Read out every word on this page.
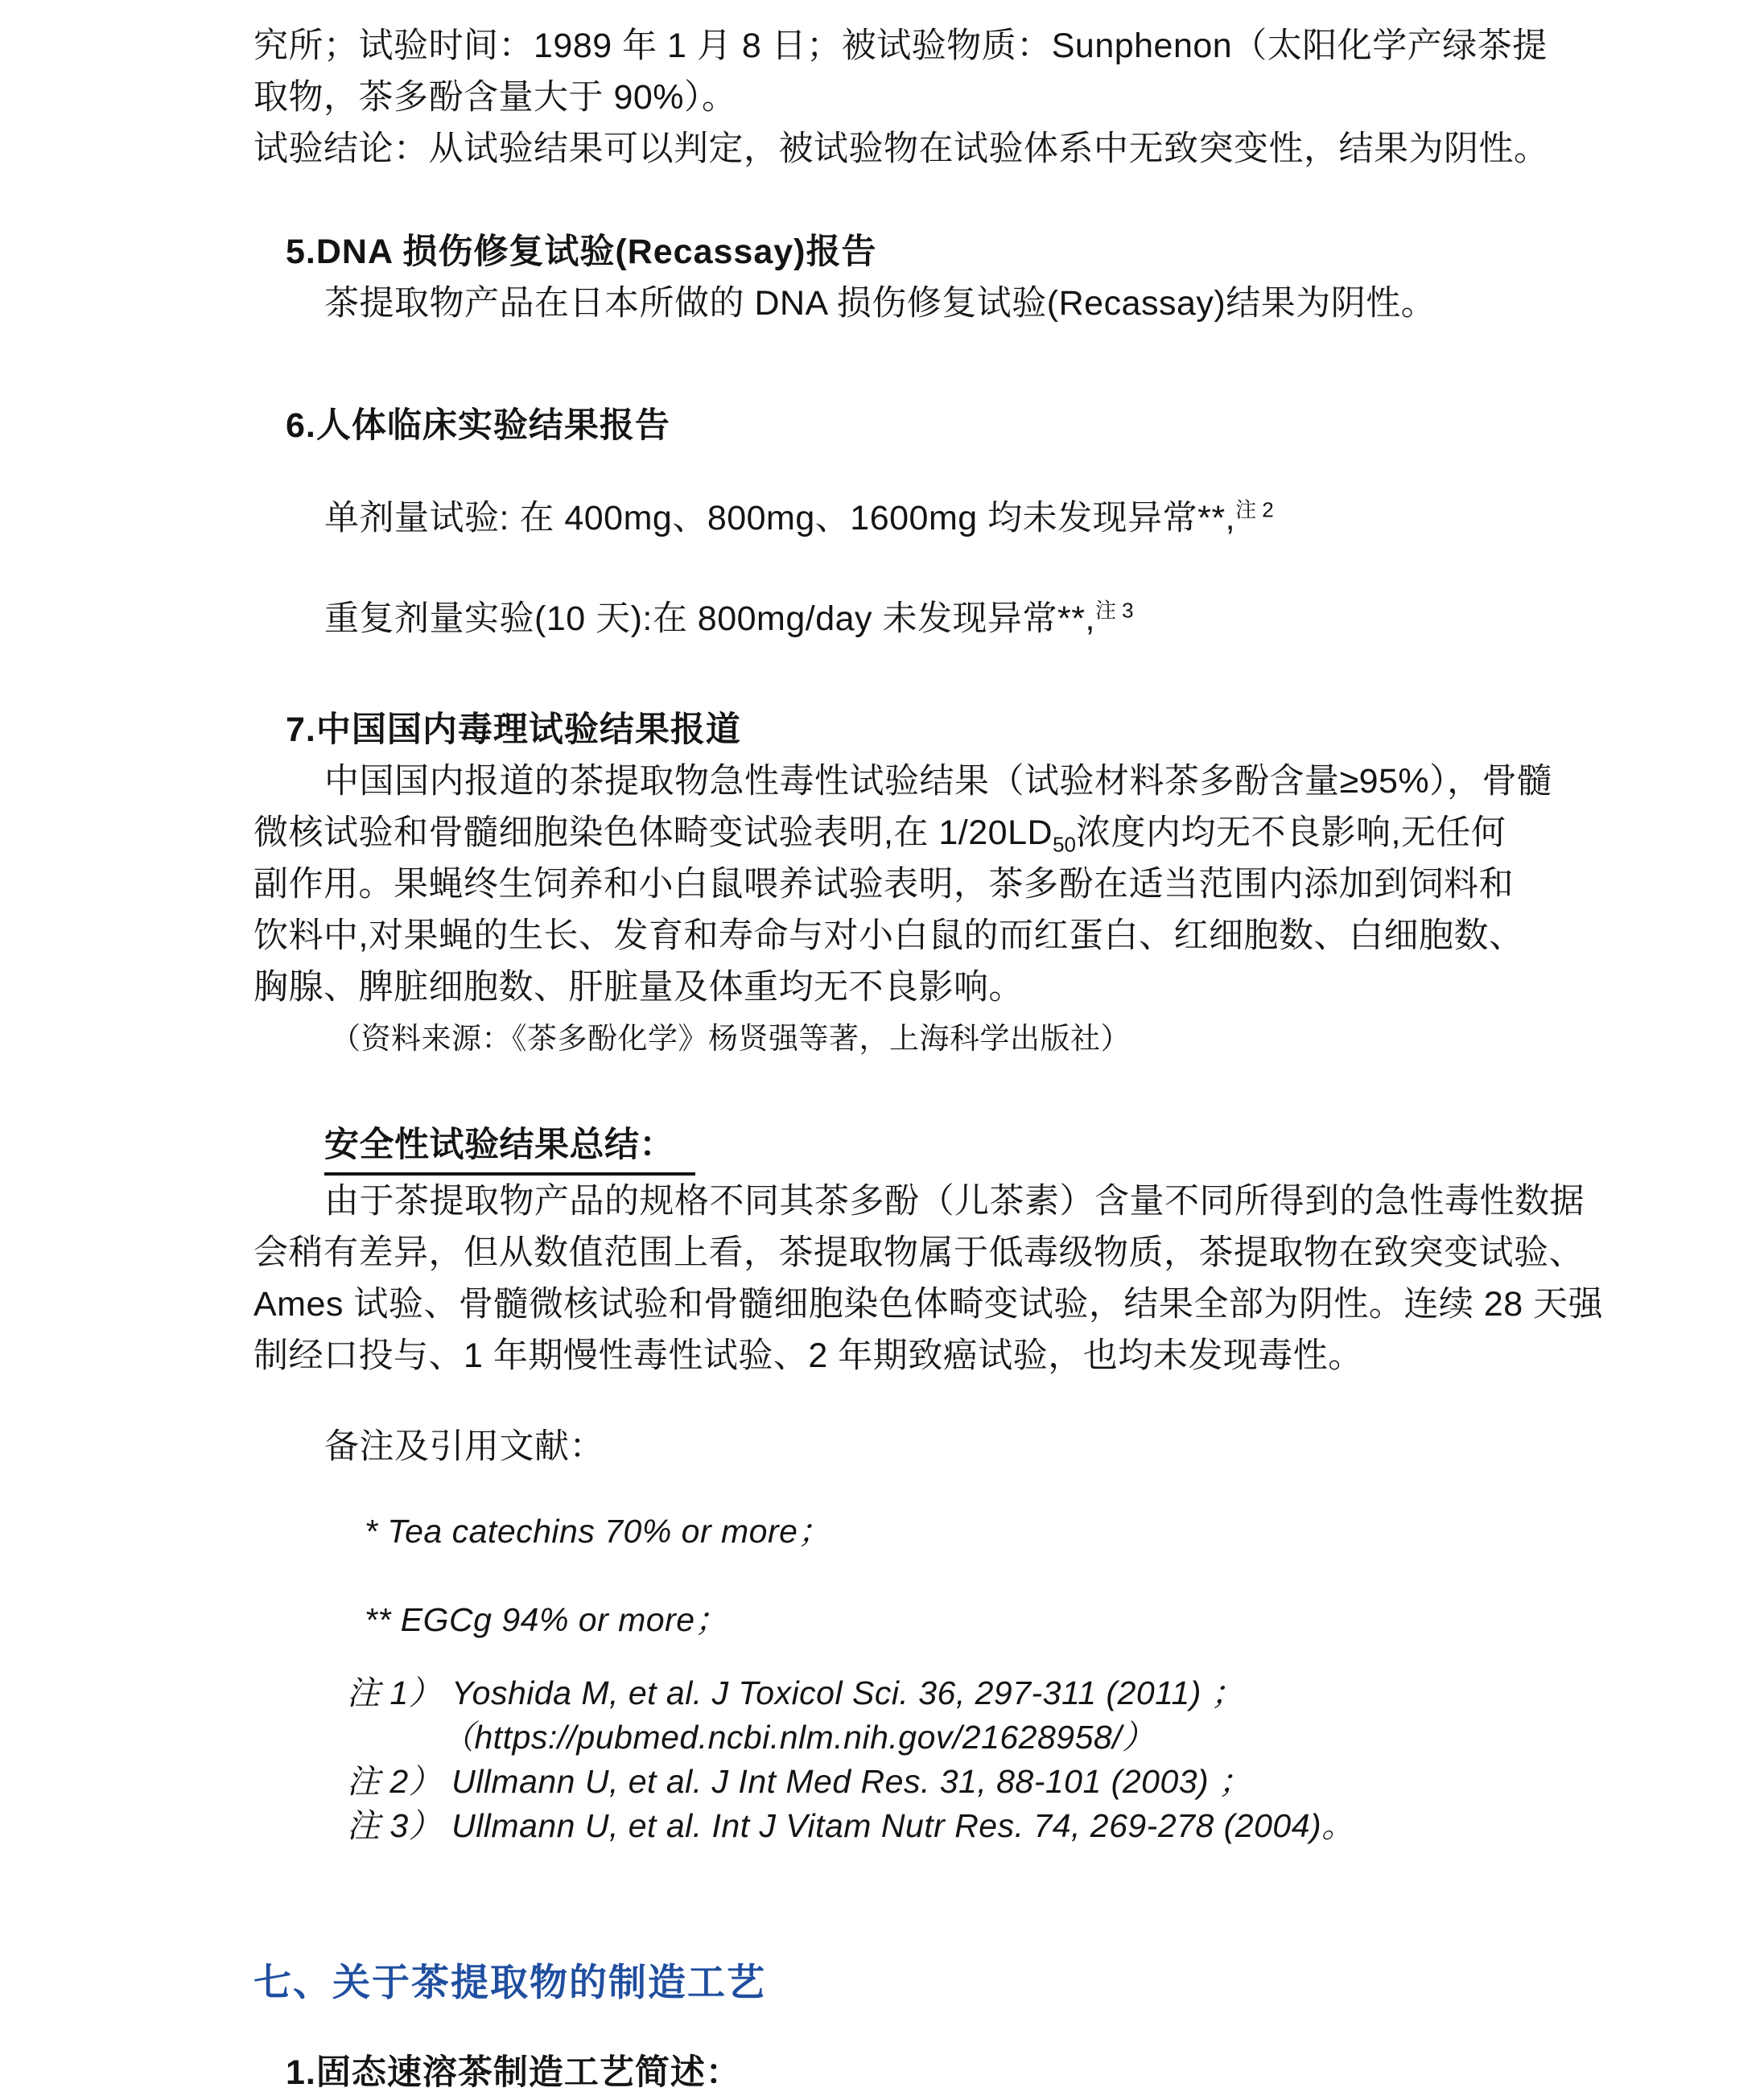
究所；试验时间：1989 年 1 月 8 日；被试验物质：Sunphenon（太阳化学产绿茶提
取物，茶多酚含量大于 90%）。
试验结论：从试验结果可以判定，被试验物在试验体系中无致突变性，结果为阴性。
5.DNA 损伤修复试验(Recassay)报告
茶提取物产品在日本所做的 DNA 损伤修复试验(Recassay)结果为阴性。
6.人体临床实验结果报告
单剂量试验: 在 400mg、800mg、1600mg 均未发现异常**,$^{注 2}$
重复剂量实验(10 天):在 800mg/day 未发现异常**,$^{注 3}$
7.中国国内毒理试验结果报道
中国国内报道的茶提取物急性毒性试验结果（试验材料茶多酚含量≥95%），骨髓
微核试验和骨髓细胞染色体畸变试验表明,在 $1/20LD_{50}$浓度内均无不良影响,无任何
副作用。果蝇终生饲养和小白鼠喂养试验表明，茶多酚在适当范围内添加到饲料和
饮料中,对果蝇的生长、发育和寿命与对小白鼠的而红蛋白、红细胞数、白细胞数、
胸腺、脾脏细胞数、肝脏量及体重均无不良影响。
（资料来源：《茶多酚化学》杨贤强等著，上海科学出版社）
安全性试验结果总结：
由于茶提取物产品的规格不同其茶多酚（儿茶素）含量不同所得到的急性毒性数据
会稍有差异，但从数值范围上看，茶提取物属于低毒级物质，茶提取物在致突变试验、
Ames 试验、骨髓微核试验和骨髓细胞染色体畸变试验，结果全部为阴性。连续 28 天强
制经口投与、1 年期慢性毒性试验、2 年期致癌试验，也均未发现毒性。
备注及引用文献：
* Tea catechins 70% or more；
** EGCg 94% or more；
注 1） Yoshida M, et al. J Toxicol Sci. 36, 297-311 (2011) ；
（https://pubmed.ncbi.nlm.nih.gov/21628958/）
注 2） Ullmann U, et al. J Int Med Res. 31, 88-101 (2003) ；
注 3） Ullmann U, et al. Int J Vitam Nutr Res. 74, 269-278 (2004)。
七、关于茶提取物的制造工艺
1.固态速溶茶制造工艺简述：
